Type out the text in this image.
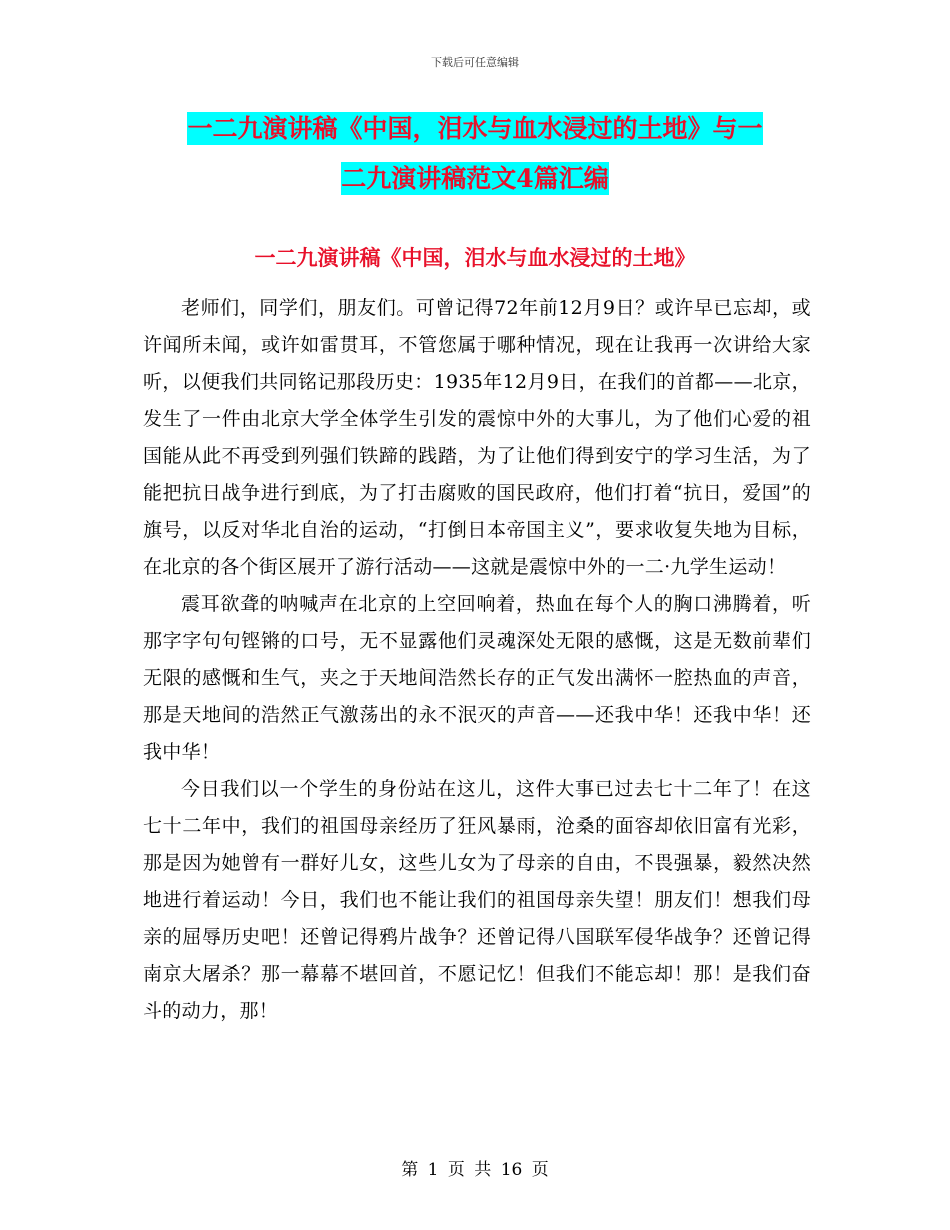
下载后可任意编辑
一二九演讲稿《中国，泪水与血水浸过的土地》与一
二九演讲稿范文4篇汇编
一二九演讲稿《中国，泪水与血水浸过的土地》

老师们，同学们，朋友们。可曾记得72年前12月9日？或许早已忘却，或许闻所未闻，或许如雷贯耳，不管您属于哪种情况，现在让我再一次讲给大家听，以便我们共同铭记那段历史：1935年12月9日，在我们的首都——北京，发生了一件由北京大学全体学生引发的震惊中外的大事儿，为了他们心爱的祖国能从此不再受到列强们铁蹄的践踏，为了让他们得到安宁的学习生活，为了能把抗日战争进行到底，为了打击腐败的国民政府，他们打着“抗日，爱国”的旗号，以反对华北自治的运动，“打倒日本帝国主义”，要求收复失地为目标，在北京的各个街区展开了游行活动——这就是震惊中外的一二·九学生运动！

震耳欲聋的呐喊声在北京的上空回响着，热血在每个人的胸口沸腾着，听那字字句句铿锵的口号，无不显露他们灵魂深处无限的感慨，这是无数前辈们无限的感慨和生气，夹之于天地间浩然长存的正气发出满怀一腔热血的声音，那是天地间的浩然正气激荡出的永不泯灭的声音——还我中华！还我中华！还我中华！

今日我们以一个学生的身份站在这儿，这件大事已过去七十二年了！在这七十二年中，我们的祖国母亲经历了狂风暴雨，沧桑的面容却依旧富有光彩，那是因为她曾有一群好儿女，这些儿女为了母亲的自由，不畏强暴，毅然决然地进行着运动！今日，我们也不能让我们的祖国母亲失望！朋友们！想我们母亲的屈辱历史吧！还曾记得鸦片战争？还曾记得八国联军侵华战争？还曾记得南京大屠杀？那一幕幕不堪回首，不愿记忆！但我们不能忘却！那！是我们奋斗的动力，那！

第 1 页 共 16 页
